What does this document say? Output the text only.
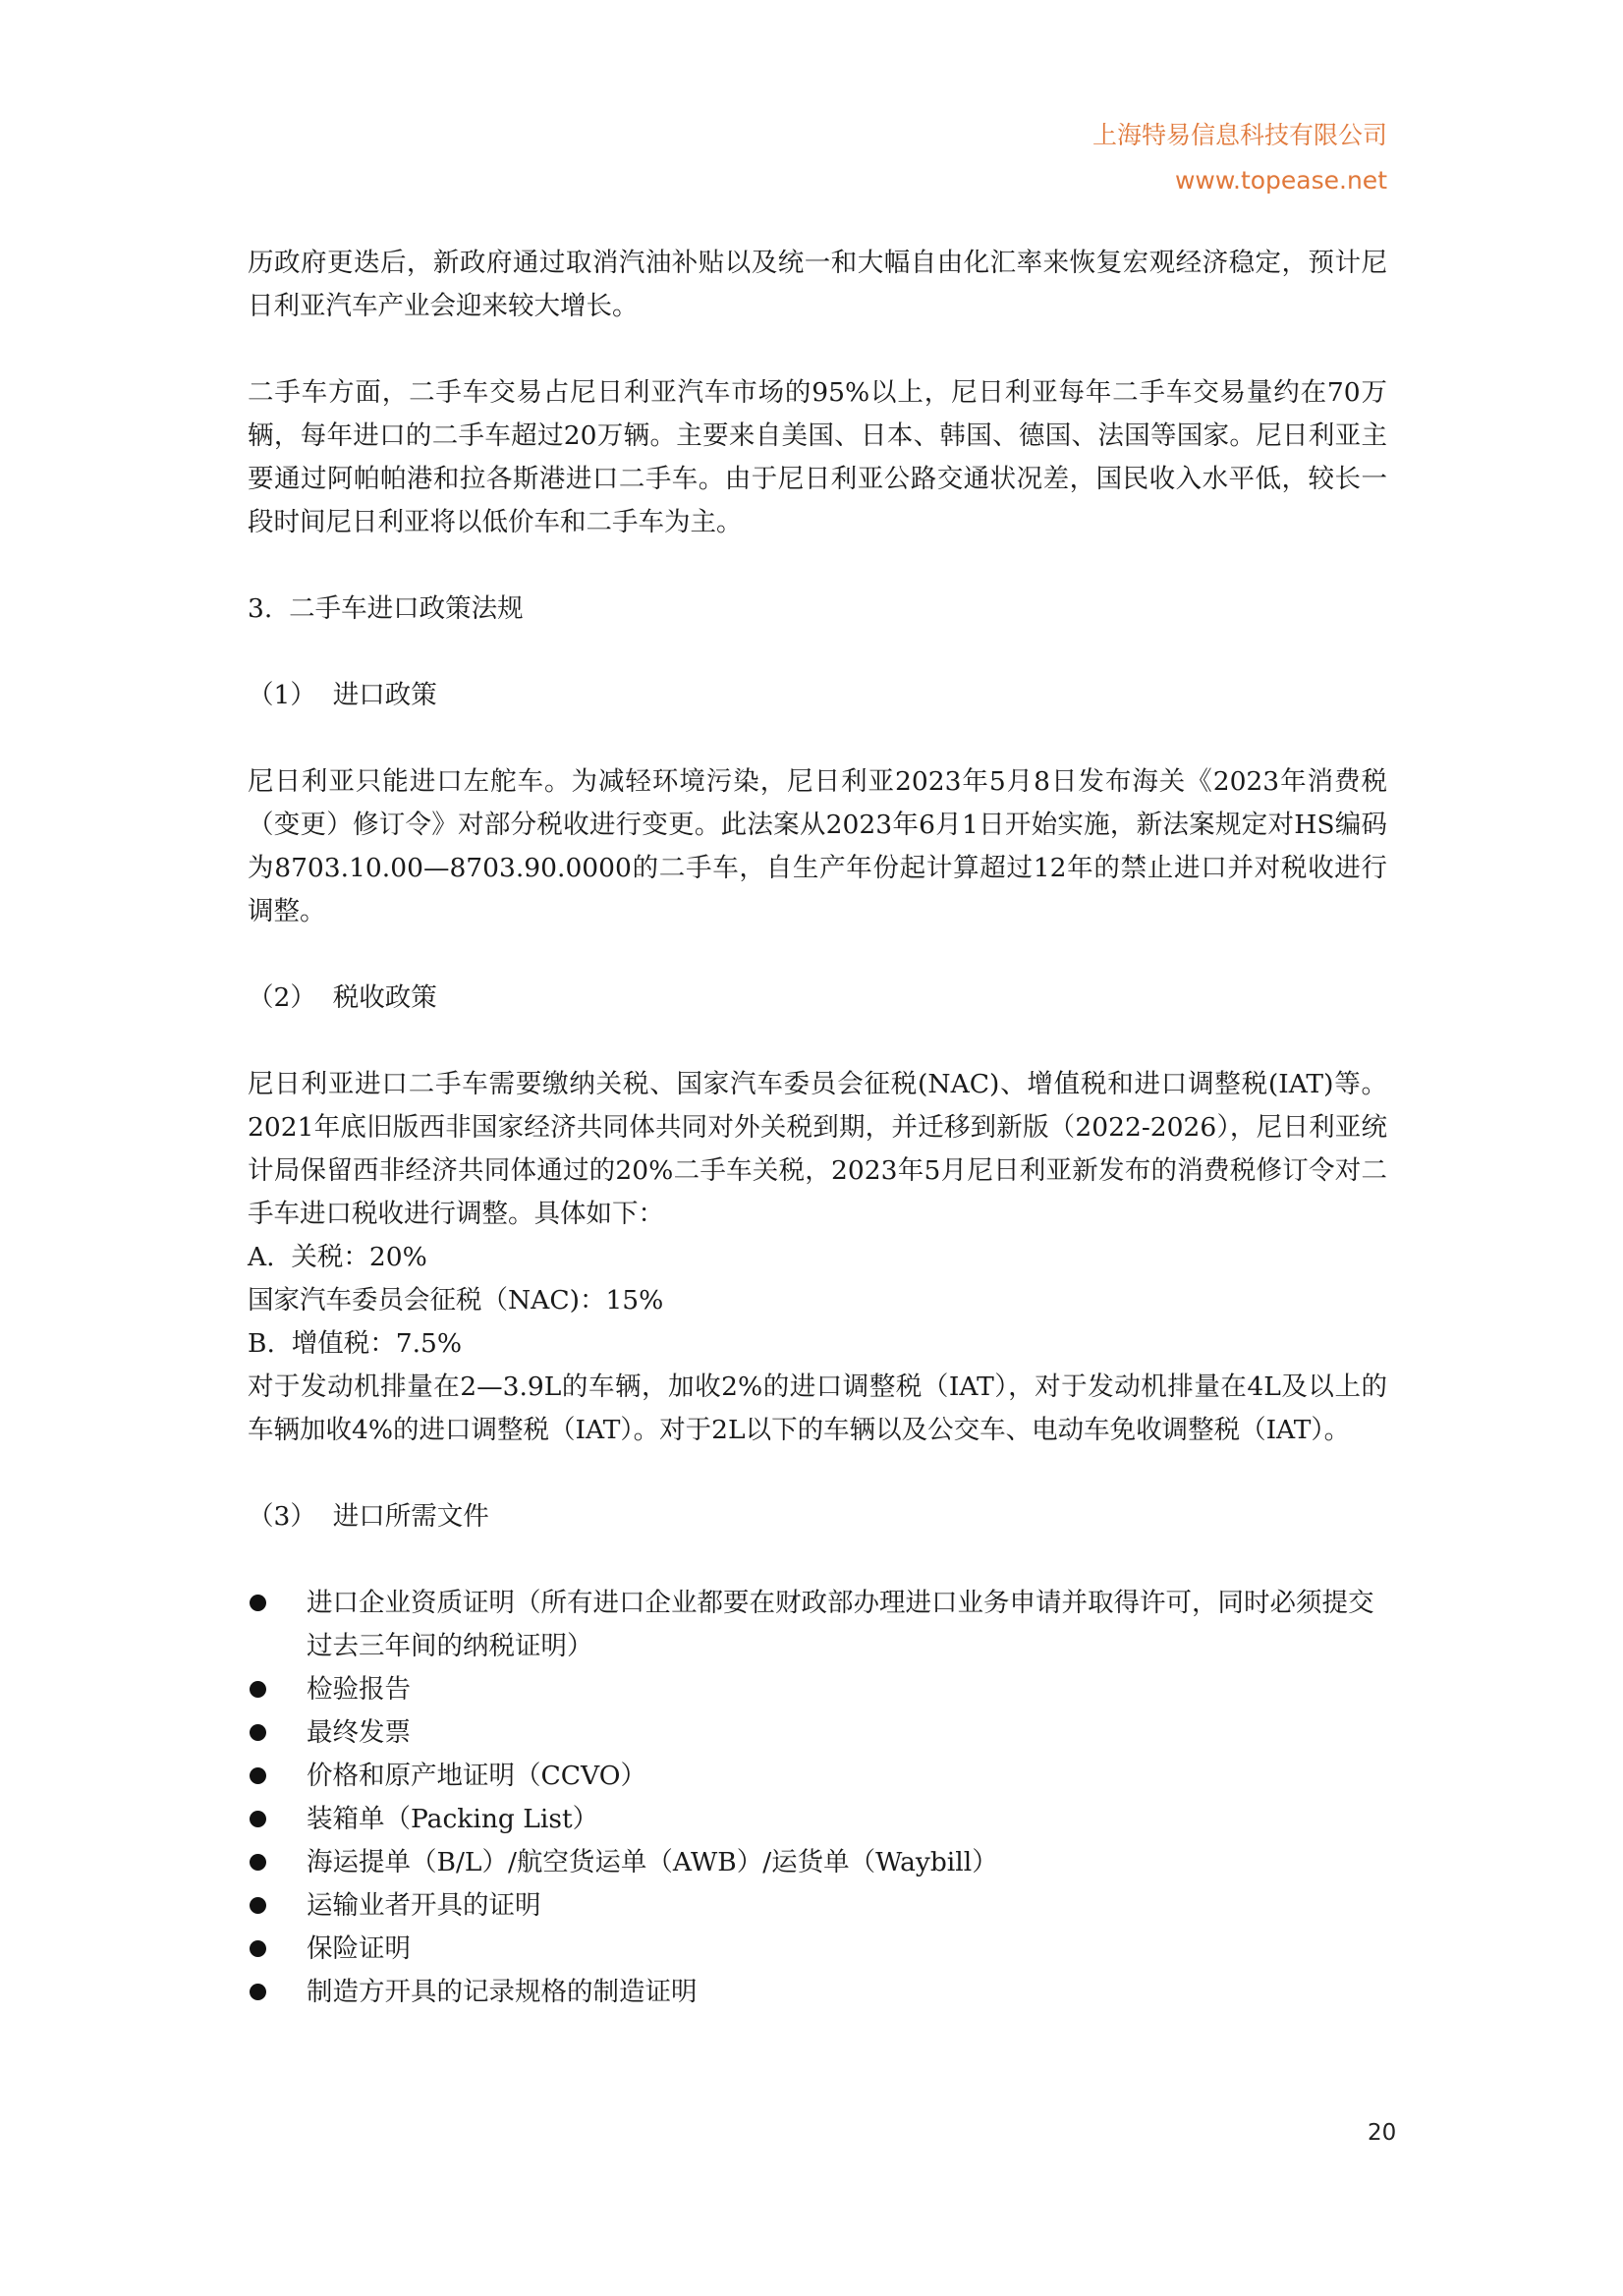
上海特易信息科技有限公司
www.topease.net

历政府更迭后，新政府通过取消汽油补贴以及统一和大幅自由化汇率来恢复宏观经济稳定，预计尼日利亚汽车产业会迎来较大增长。

二手车方面，二手车交易占尼日利亚汽车市场的95%以上，尼日利亚每年二手车交易量约在70万辆，每年进口的二手车超过20万辆。主要来自美国、日本、韩国、德国、法国等国家。尼日利亚主要通过阿帕帕港和拉各斯港进口二手车。由于尼日利亚公路交通状况差，国民收入水平低，较长一段时间尼日利亚将以低价车和二手车为主。

3.  二手车进口政策法规

（1）  进口政策

尼日利亚只能进口左舵车。为减轻环境污染，尼日利亚2023年5月8日发布海关《2023年消费税（变更）修订令》对部分税收进行变更。此法案从2023年6月1日开始实施，新法案规定对HS编码为8703.10.00—8703.90.0000的二手车，自生产年份起计算超过12年的禁止进口并对税收进行调整。

（2）  税收政策

尼日利亚进口二手车需要缴纳关税、国家汽车委员会征税(NAC)、增值税和进口调整税(IAT)等。2021年底旧版西非国家经济共同体共同对外关税到期，并迁移到新版（2022-2026），尼日利亚统计局保留西非经济共同体通过的20%二手车关税，2023年5月尼日利亚新发布的消费税修订令对二手车进口税收进行调整。具体如下：

A.  关税：20%

国家汽车委员会征税（NAC)：15%

B.  增值税：7.5%

对于发动机排量在2—3.9L的车辆，加收2%的进口调整税（IAT），对于发动机排量在4L及以上的车辆加收4%的进口调整税（IAT）。对于2L以下的车辆以及公交车、电动车免收调整税（IAT）。

（3）  进口所需文件

进口企业资质证明（所有进口企业都要在财政部办理进口业务申请并取得许可，同时必须提交过去三年间的纳税证明）
检验报告
最终发票
价格和原产地证明（CCVO）
装箱单（Packing List）
海运提单（B/L）/航空货运单（AWB）/运货单（Waybill）
运输业者开具的证明
保险证明
制造方开具的记录规格的制造证明
20
